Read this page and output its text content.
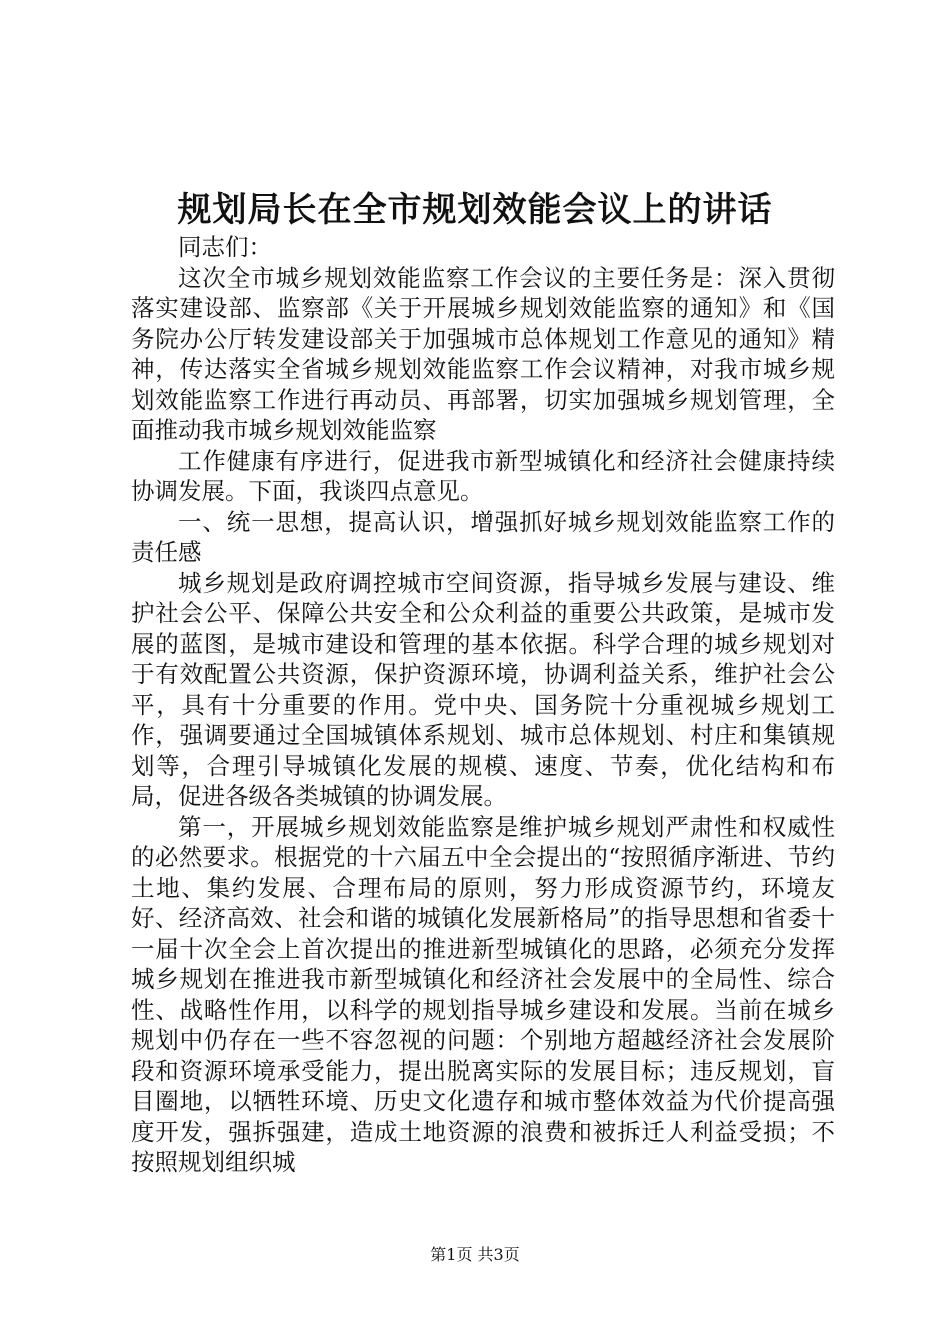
规划局长在全市规划效能会议上的讲话

同志们：

这次全市城乡规划效能监察工作会议的主要任务是：深入贯彻落实建设部、监察部《关于开展城乡规划效能监察的通知》和《国务院办公厅转发建设部关于加强城市总体规划工作意见的通知》精神，传达落实全省城乡规划效能监察工作会议精神，对我市城乡规划效能监察工作进行再动员、再部署，切实加强城乡规划管理，全面推动我市城乡规划效能监察

工作健康有序进行，促进我市新型城镇化和经济社会健康持续协调发展。下面，我谈四点意见。

一、统一思想，提高认识，增强抓好城乡规划效能监察工作的责任感

城乡规划是政府调控城市空间资源，指导城乡发展与建设、维护社会公平、保障公共安全和公众利益的重要公共政策，是城市发展的蓝图，是城市建设和管理的基本依据。科学合理的城乡规划对于有效配置公共资源，保护资源环境，协调利益关系，维护社会公平，具有十分重要的作用。党中央、国务院十分重视城乡规划工作，强调要通过全国城镇体系规划、城市总体规划、村庄和集镇规划等，合理引导城镇化发展的规模、速度、节奏，优化结构和布局，促进各级各类城镇的协调发展。

第一，开展城乡规划效能监察是维护城乡规划严肃性和权威性的必然要求。根据党的十六届五中全会提出的“按照循序渐进、节约土地、集约发展、合理布局的原则，努力形成资源节约，环境友好、经济高效、社会和谐的城镇化发展新格局”的指导思想和省委十一届十次全会上首次提出的推进新型城镇化的思路，必须充分发挥城乡规划在推进我市新型城镇化和经济社会发展中的全局性、综合性、战略性作用，以科学的规划指导城乡建设和发展。当前在城乡规划中仍存在一些不容忽视的问题：个别地方超越经济社会发展阶段和资源环境承受能力，提出脱离实际的发展目标；违反规划，盲目圈地，以牺牲环境、历史文化遗存和城市整体效益为代价提高强度开发，强拆强建，造成土地资源的浪费和被拆迁人利益受损；不按照规划组织城

第1页 共3页
